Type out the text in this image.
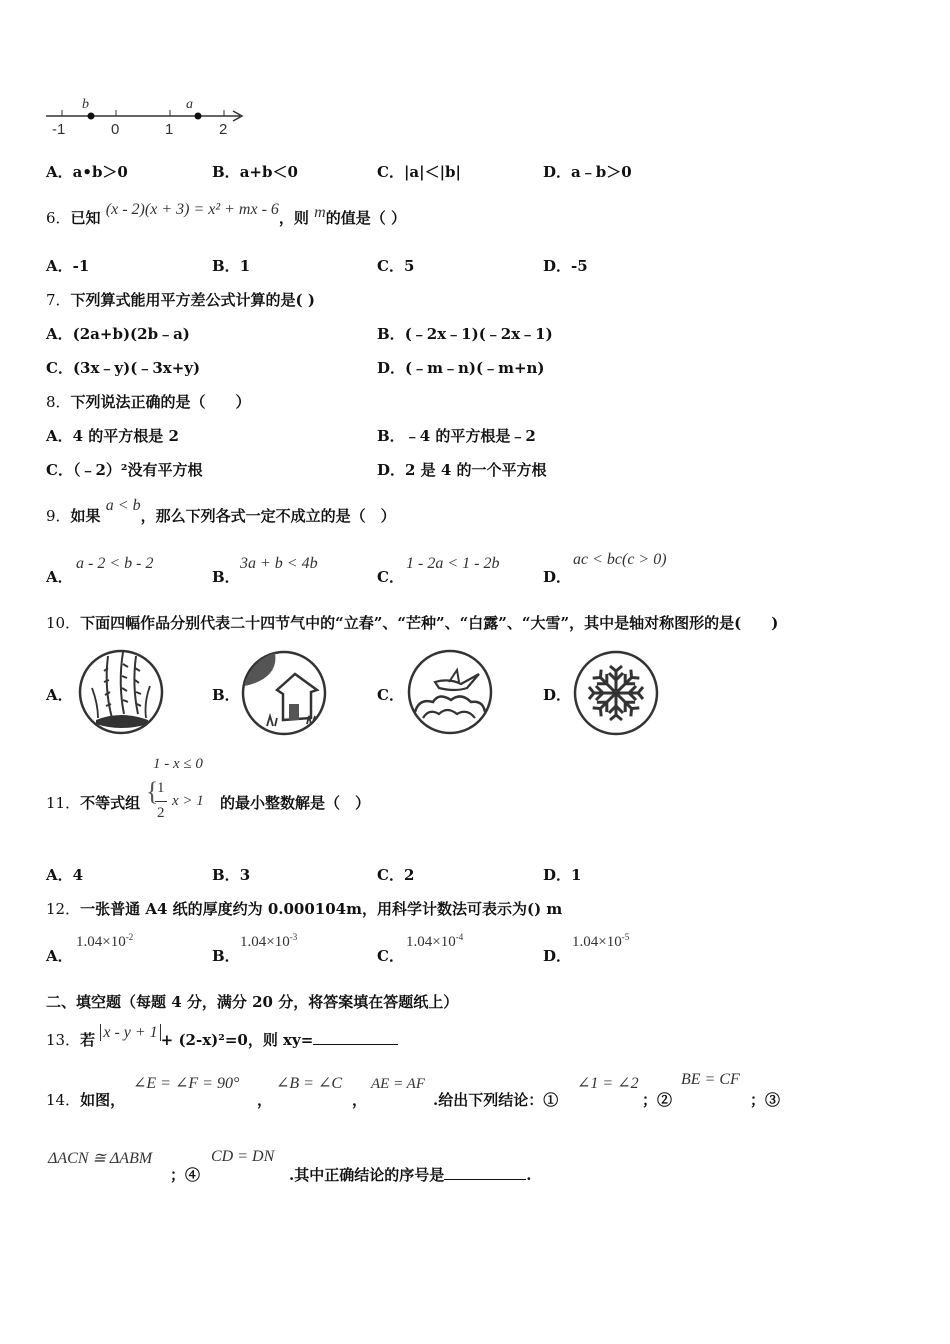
b	a
-1	0	1	2
A．a•b＞0	B．a+b＜0	C．|a|＜|b|	D．a﹣b＞0
6．已知 (x - 2)(x + 3) = x² + mx - 6，则 m的值是（ ）
A．-1	B．1	C．5	D．-5
7．下列算式能用平方差公式计算的是( )
A．(2a+b)(2b﹣a)	B．(﹣2x﹣1)(﹣2x﹣1)
C．(3x﹣y)(﹣3x+y)	D．(﹣m﹣n)(﹣m+n)
8．下列说法正确的是（　　）
A．4 的平方根是 2	B．﹣4 的平方根是﹣2
C．（﹣2）²没有平方根	D．2 是 4 的一个平方根
9．如果 a < b，那么下列各式一定不成立的是（　）
A．
a - 2 < b - 2
B．
3a + b < 4b
C．
1 - 2a < 1 - 2b
D．
ac < bc(c > 0)
10．下面四幅作品分别代表二十四节气中的“立春”、“芒种”、“白露”、“大雪”，其中是轴对称图形的是(　　)
A．	B．	C．	D．
1 - x ≤ 0
{
1
2
x > 1
11．不等式组	的最小整数解是（　）
A．4	B．3	C．2	D．1
12．一张普通 A4 纸的厚度约为 0.000104m，用科学计数法可表示为() m
A．
$1.04\times 10^{-2}$
B．
$1.04\times 10^{-3}$
C．
$1.04\times 10^{-4}$
D．
$1.04\times 10^{-5}$
二、填空题（每题 4 分，满分 20 分，将答案填在答题纸上）
13．若 x - y + 1 + (2-x)²=0，则 xy=
14．如图，
∠E = ∠F = 90°
，
∠B = ∠C
，
AE = AF
.给出下列结论：①
∠1 = ∠2
；②
BE = CF
；③
ΔACN ≅ ΔABM
；④
CD = DN
.其中正确结论的序号是	.
